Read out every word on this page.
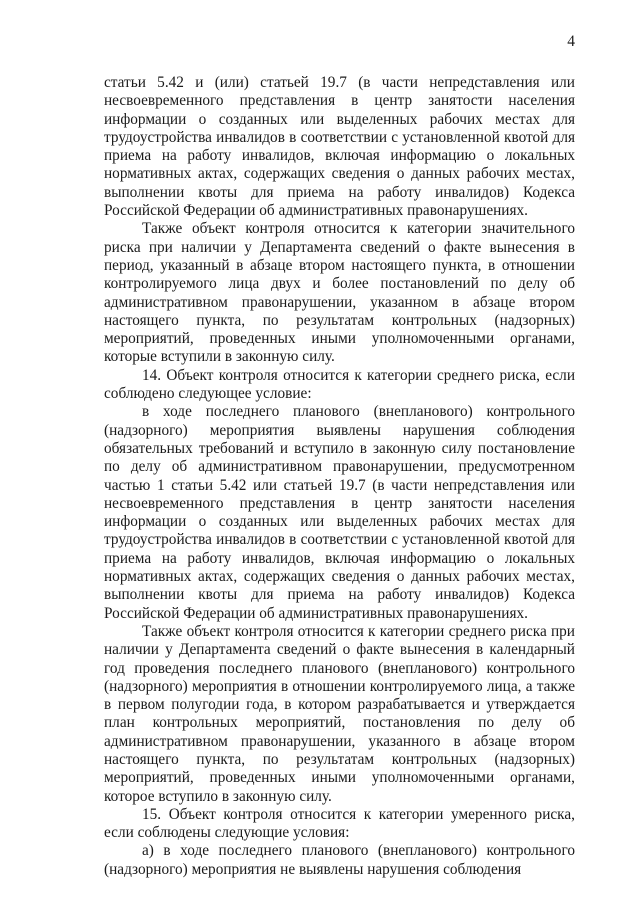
4

статьи 5.42 и (или) статьей 19.7 (в части непредставления или несвоевременного представления в центр занятости населения информации о созданных или выделенных рабочих местах для трудоустройства инвалидов в соответствии с установленной квотой для приема на работу инвалидов, включая информацию о локальных нормативных актах, содержащих сведения о данных рабочих местах, выполнении квоты для приема на работу инвалидов) Кодекса Российской Федерации об административных правонарушениях.

Также объект контроля относится к категории значительного риска при наличии у Департамента сведений о факте вынесения в период, указанный в абзаце втором настоящего пункта, в отношении контролируемого лица двух и более постановлений по делу об административном правонарушении, указанном в абзаце втором настоящего пункта, по результатам контрольных (надзорных) мероприятий, проведенных иными уполномоченными органами, которые вступили в законную силу.

14. Объект контроля относится к категории среднего риска, если соблюдено следующее условие:

в ходе последнего планового (внепланового) контрольного (надзорного) мероприятия выявлены нарушения соблюдения обязательных требований и вступило в законную силу постановление по делу об административном правонарушении, предусмотренном частью 1 статьи 5.42 или статьей 19.7 (в части непредставления или несвоевременного представления в центр занятости населения информации о созданных или выделенных рабочих местах для трудоустройства инвалидов в соответствии с установленной квотой для приема на работу инвалидов, включая информацию о локальных нормативных актах, содержащих сведения о данных рабочих местах, выполнении квоты для приема на работу инвалидов) Кодекса Российской Федерации об административных правонарушениях.

Также объект контроля относится к категории среднего риска при наличии у Департамента сведений о факте вынесения в календарный год проведения последнего планового (внепланового) контрольного (надзорного) мероприятия в отношении контролируемого лица, а также в первом полугодии года, в котором разрабатывается и утверждается план контрольных мероприятий, постановления по делу об административном правонарушении, указанного в абзаце втором настоящего пункта, по результатам контрольных (надзорных) мероприятий, проведенных иными уполномоченными органами, которое вступило в законную силу.

15. Объект контроля относится к категории умеренного риска, если соблюдены следующие условия:

а) в ходе последнего планового (внепланового) контрольного (надзорного) мероприятия не выявлены нарушения соблюдения
